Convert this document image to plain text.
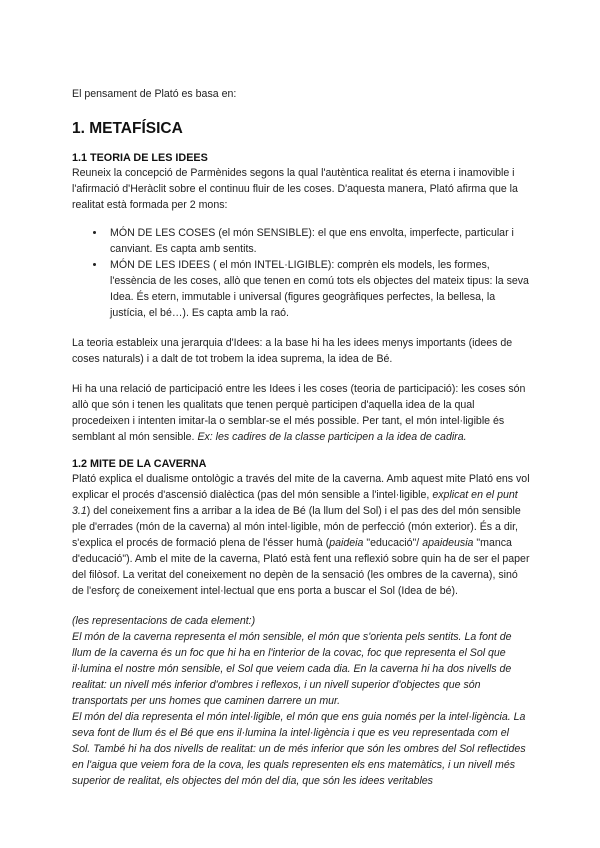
El pensament de Plató es basa en:

1. METAFÍSICA
1.1 TEORIA DE LES IDEES

Reuneix la concepció de Parmènides segons la qual l'autèntica realitat és eterna i inamovible i l'afirmació d'Heràclit sobre el continuu fluir de les coses. D'aquesta manera, Plató afirma que la realitat està formada per 2 mons:

• MÓN DE LES COSES (el món SENSIBLE): el que ens envolta, imperfecte, particular i canviant. Es capta amb sentits.
• MÓN DE LES IDEES ( el món INTEL·LIGIBLE): comprèn els models, les formes, l'essència de les coses, allò que tenen en comú tots els objectes del mateix tipus: la seva Idea. És etern, immutable i universal (figures geogràfiques perfectes, la bellesa, la justícia, el bé…). Es capta amb la raó.

La teoria estableix una jerarquia d'Idees: a la base hi ha les idees menys importants (idees de coses naturals) i a dalt de tot trobem la idea suprema, la idea de Bé.

Hi ha una relació de participació entre les Idees i les coses (teoria de participació): les coses són allò que són i tenen les qualitats que tenen perquè participen d'aquella idea de la qual procedeixen i intenten imitar-la o semblar-se el més possible. Per tant, el món intel·ligible és semblant al món sensible. Ex: les cadires de la classe participen a la idea de cadira.

1.2 MITE DE LA CAVERNA

Plató explica el dualisme ontològic a través del mite de la caverna. Amb aquest mite Plató ens vol explicar el procés d'ascensió dialèctica (pas del món sensible a l'intel·ligible, explicat en el punt 3.1) del coneixement fins a arribar a la idea de Bé (la llum del Sol) i el pas des del món sensible ple d'errades (món de la caverna) al món intel·ligible, món de perfecció (món exterior). És a dir, s'explica el procés de formació plena de l'ésser humà (paideia "educació"/ apaideusia "manca d'educació"). Amb el mite de la caverna, Plató està fent una reflexió sobre quin ha de ser el paper del filòsof. La veritat del coneixement no depèn de la sensació (les ombres de la caverna), sinó de l'esforç de coneixement intel·lectual que ens porta a buscar el Sol (Idea de bé).

(les representacions de cada element:)

El món de la caverna representa el món sensible, el món que s'orienta pels sentits. La font de llum de la caverna és un foc que hi ha en l'interior de la covac, foc que representa el Sol que il·lumina el nostre món sensible, el Sol que veiem cada dia. En la caverna hi ha dos nivells de realitat: un nivell més inferior d'ombres i reflexos, i un nivell superior d'objectes que són transportats per uns homes que caminen darrere un mur.

El món del dia representa el món intel·ligible, el món que ens guia només per la intel·ligència. La seva font de llum és el Bé que ens il·lumina la intel·ligència i que es veu representada com el Sol. També hi ha dos nivells de realitat: un de més inferior que són les ombres del Sol reflectides en l'aigua que veiem fora de la cova, les quals representen els ens matemàtics, i un nivell més superior de realitat, els objectes del món del dia, que són les idees veritables
